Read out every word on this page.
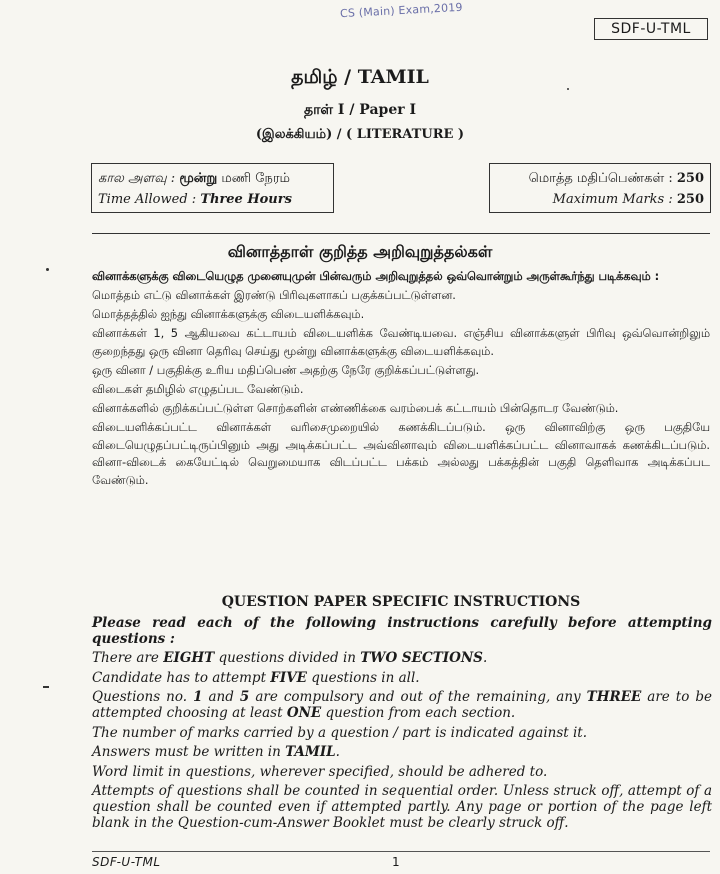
CS (Main) Exam,2019
SDF-U-TML
தமிழ் / TAMIL
தாள் I / Paper I
(இலக்கியம்) / ( LITERATURE )
கால அளவு : மூன்று மணி நேரம்
Time Allowed : Three Hours
மொத்த மதிப்பெண்கள் : 250
Maximum Marks : 250
வினாத்தாள் குறித்த அறிவுறுத்தல்கள்

வினாக்களுக்கு விடையெழுத முனையுமுன் பின்வரும் அறிவுறுத்தல் ஒவ்வொன்றும் அருள்கூர்ந்து படிக்கவும் :

மொத்தம் எட்டு வினாக்கள் இரண்டு பிரிவுகளாகப் பகுக்கப்பட்டுள்ளன.

மொத்தத்தில் ஐந்து வினாக்களுக்கு விடையளிக்கவும்.

வினாக்கள் 1, 5 ஆகியவை கட்டாயம் விடையளிக்க வேண்டியவை. எஞ்சிய வினாக்களுள் பிரிவு ஒவ்வொன்றிலும் குறைந்தது ஒரு வினா தெரிவு செய்து மூன்று வினாக்களுக்கு விடையளிக்கவும்.

ஒரு வினா / பகுதிக்கு உரிய மதிப்பெண் அதற்கு நேரே குறிக்கப்பட்டுள்ளது.

விடைகள் தமிழில் எழுதப்பட வேண்டும்.

வினாக்களில் குறிக்கப்பட்டுள்ள சொற்களின் எண்ணிக்கை வரம்பைக் கட்டாயம் பின்தொடர வேண்டும்.

விடையளிக்கப்பட்ட வினாக்கள் வரிசைமுறையில் கணக்கிடப்படும். ஒரு வினாவிற்கு ஒரு பகுதியே விடையெழுதப்பட்டிருப்பினும் அது அடிக்கப்பட்ட அவ்வினாவும் விடையளிக்கப்பட்ட வினாவாகக் கணக்கிடப்படும். வினா-விடைக் கையேட்டில் வெறுமையாக விடப்பட்ட பக்கம் அல்லது பக்கத்தின் பகுதி தெளிவாக அடிக்கப்பட வேண்டும்.

QUESTION PAPER SPECIFIC INSTRUCTIONS

Please read each of the following instructions carefully before attempting questions :

There are EIGHT questions divided in TWO SECTIONS.

Candidate has to attempt FIVE questions in all.

Questions no. 1 and 5 are compulsory and out of the remaining, any THREE are to be attempted choosing at least ONE question from each section.

The number of marks carried by a question / part is indicated against it.

Answers must be written in TAMIL.

Word limit in questions, wherever specified, should be adhered to.

Attempts of questions shall be counted in sequential order. Unless struck off, attempt of a question shall be counted even if attempted partly. Any page or portion of the page left blank in the Question-cum-Answer Booklet must be clearly struck off.

SDF-U-TML	1
